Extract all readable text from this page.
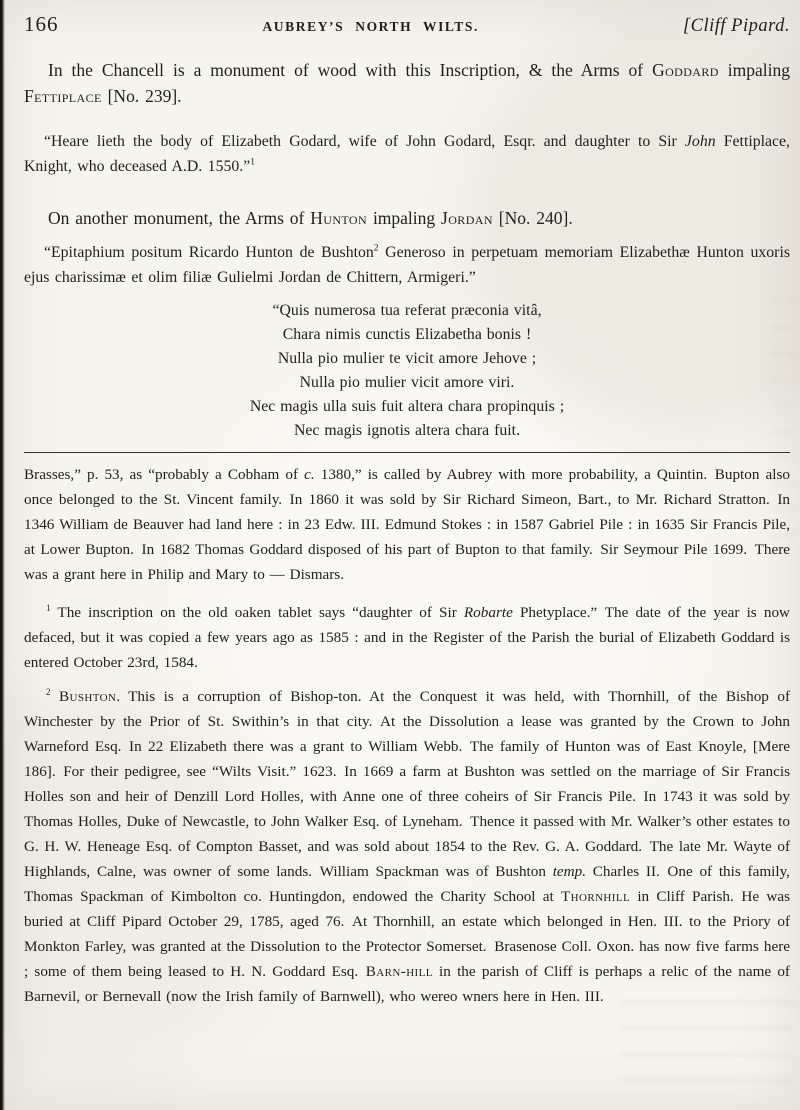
166	AUBREY’S NORTH WILTS.	[Cliff Pipard.

In the Chancell is a monument of wood with this Inscription, & the Arms of Goddard impaling Fettiplace [No. 239].

“Heare lieth the body of Elizabeth Godard, wife of John Godard, Esqr. and daughter to Sir John Fettiplace, Knight, who deceased A.D. 1550.”$^1$

On another monument, the Arms of Hunton impaling Jordan [No. 240].

“Epitaphium positum Ricardo Hunton de Bushton$^2$ Generoso in perpetuam memoriam Elizabethæ Hunton uxoris ejus charissimæ et olim filiæ Gulielmi Jordan de Chittern, Armigeri.”

“Quis numerosa tua referat præconia vitâ,
Chara nimis cunctis Elizabetha bonis !
Nulla pio mulier te vicit amore Jehove ;
Nulla pio mulier vicit amore viri.
Nec magis ulla suis fuit altera chara propinquis ;
Nec magis ignotis altera chara fuit.

Brasses,” p. 53, as “probably a Cobham of c. 1380,” is called by Aubrey with more probability, a Quintin. Bupton also once belonged to the St. Vincent family. In 1860 it was sold by Sir Richard Simeon, Bart., to Mr. Richard Stratton. In 1346 William de Beauver had land here : in 23 Edw. III. Edmund Stokes : in 1587 Gabriel Pile : in 1635 Sir Francis Pile, at Lower Bupton. In 1682 Thomas Goddard disposed of his part of Bupton to that family. Sir Seymour Pile 1699. There was a grant here in Philip and Mary to — Dismars.

$^1$ The inscription on the old oaken tablet says “daughter of Sir Robarte Phetyplace.” The date of the year is now defaced, but it was copied a few years ago as 1585 : and in the Register of the Parish the burial of Elizabeth Goddard is entered October 23rd, 1584.

$^2$ Bushton. This is a corruption of Bishop-ton. At the Conquest it was held, with Thornhill, of the Bishop of Winchester by the Prior of St. Swithin’s in that city. At the Dissolution a lease was granted by the Crown to John Warneford Esq. In 22 Elizabeth there was a grant to William Webb. The family of Hunton was of East Knoyle, [Mere 186]. For their pedigree, see “Wilts Visit.” 1623. In 1669 a farm at Bushton was settled on the marriage of Sir Francis Holles son and heir of Denzill Lord Holles, with Anne one of three coheirs of Sir Francis Pile. In 1743 it was sold by Thomas Holles, Duke of Newcastle, to John Walker Esq. of Lyneham. Thence it passed with Mr. Walker’s other estates to G. H. W. Heneage Esq. of Compton Basset, and was sold about 1854 to the Rev. G. A. Goddard. The late Mr. Wayte of Highlands, Calne, was owner of some lands. William Spackman was of Bushton temp. Charles II. One of this family, Thomas Spackman of Kimbolton co. Huntingdon, endowed the Charity School at Thornhill in Cliff Parish. He was buried at Cliff Pipard October 29, 1785, aged 76. At Thornhill, an estate which belonged in Hen. III. to the Priory of Monkton Farley, was granted at the Dissolution to the Protector Somerset. Brasenose Coll. Oxon. has now five farms here ; some of them being leased to H. N. Goddard Esq. Barn-hill in the parish of Cliff is perhaps a relic of the name of Barnevil, or Bernevall (now the Irish family of Barnwell), who wereo wners here in Hen. III.
